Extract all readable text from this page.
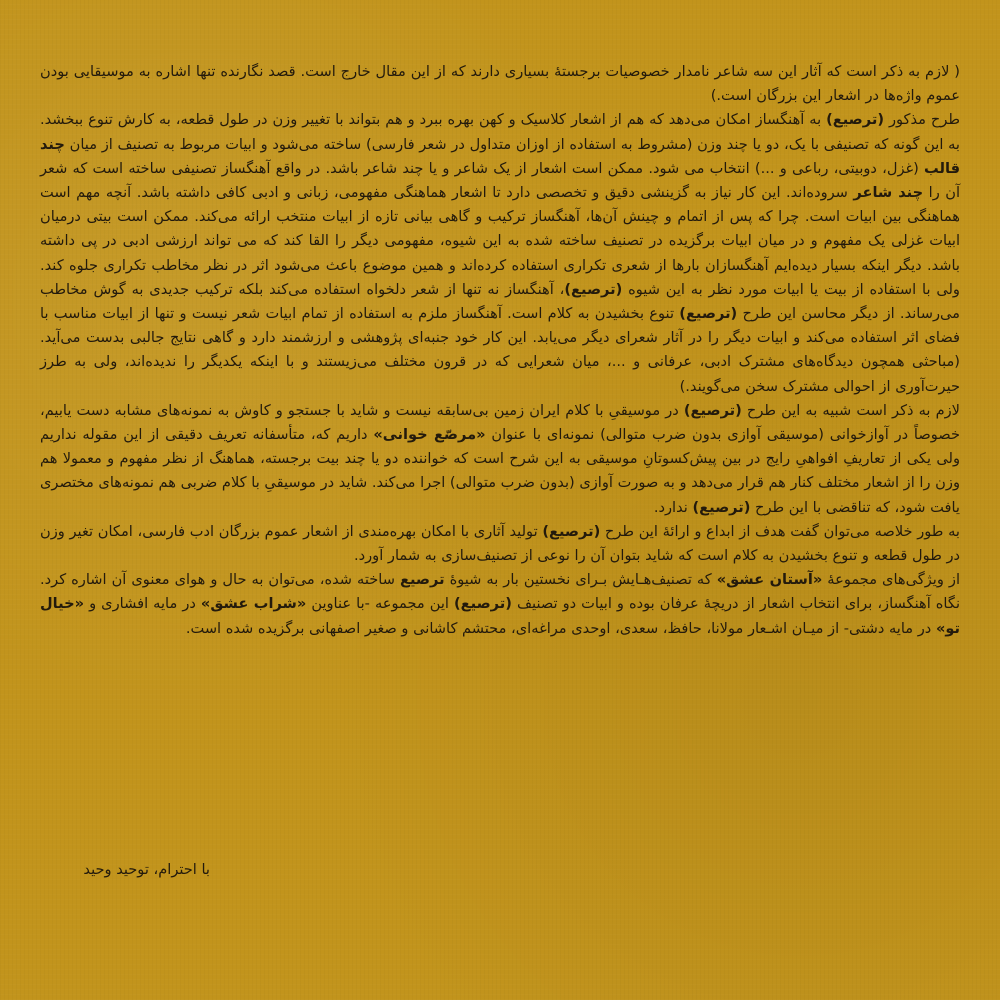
( لازم به ذکر است که آثار این سه شاعر نامدار خصوصیات برجستهٔ بسیاری دارند که از این مقال خارج است. قصد نگارنده تنها اشاره به موسیقایی بودن عموم واژه‌ها در اشعار این بزرگان است.)

طرح مذکور (ترصیع) به آهنگساز امکان می‌دهد که هم از اشعار کلاسیک و کهن بهره ببرد و هم بتواند با تغییر وزن در طول قطعه، به کارش تنوع ببخشد. به این گونه که تصنیفی با یک، دو یا چند وزن (مشروط به استفاده از اوزان متداول در شعر فارسی) ساخته می‌شود و ابیات مربوط به تصنیف از میان چند قالب (غزل، دوبیتی، رباعی و ...) انتخاب می شود. ممکن است اشعار از یک شاعر و یا چند شاعر باشد. در واقع آهنگساز تصنیفی ساخته است که شعر آن را چند شاعر سروده‌اند. این کار نیاز به گزینشی دقیق و تخصصی دارد تا اشعار هماهنگی مفهومی، زبانی و ادبی کافی داشته باشد. آنچه مهم است هماهنگی بین ابیات است. چرا که پس از اتمام و چینش آن‌ها، آهنگساز ترکیب و گاهی بیانی تازه از ابیات منتخب ارائه می‌کند. ممکن است بیتی درمیان ابیات غزلی یک مفهوم و در میان ابیات برگزیده در تصنیف ساخته شده به این شیوه، مفهومی دیگر را القا کند که می تواند ارزشی ادبی در پی داشته باشد. دیگر اینکه بسیار دیده‌ایم آهنگسازان بارها از شعری تکراری استفاده کرده‌اند و همین موضوع باعث می‌شود اثر در نظر مخاطب تکراری جلوه کند. ولی با استفاده از بیت یا ابیات مورد نظر به این شیوه (ترصیع)، آهنگساز نه تنها از شعر دلخواه استفاده می‌کند بلکه ترکیب جدیدی به گوش مخاطب می‌رساند. از دیگر محاسن این طرح (ترصیع) تنوع بخشیدن به کلام است. آهنگساز ملزم به استفاده از تمام ابیات شعر نیست و تنها از ابیات مناسب با فضای اثر استفاده می‌کند و ابیات دیگر را در آثار شعرای دیگر می‌یابد. این کار خود جنبه‌ای پژوهشی و ارزشمند دارد و گاهی نتایج جالبی بدست می‌آید. (مباحثی همچون دیدگاه‌های مشترک ادبی، عرفانی و ...، میان شعرایی که در قرون مختلف می‌زیستند و با اینکه یکدیگر را ندیده‌اند، ولی به طرز حیرت‌آوری از احوالی مشترک سخن می‌گویند.)

لازم به ذکر است شبیه به این طرح (ترصیع) در موسیقیِ با کلام ایران زمین بی‌سابقه نیست و شاید با جستجو و کاوش به نمونه‌های مشابه دست یابیم، خصوصاً در آوازخوانی (موسیقی آوازی بدون ضرب متوالی) نمونه‌ای با عنوان «مرصّع خوانی» داریم که، متأسفانه تعریف دقیقی از این مقوله نداریم ولی یکی از تعاریفِ افواهیِ رایج در بین پیش‌کسوتانِ موسیقی به این شرح است که خواننده دو یا چند بیت برجسته، هماهنگ از نظر مفهوم و معمولا هم وزن را از اشعار مختلف کنار هم قرار می‌دهد و به صورت آوازی (بدون ضرب متوالی) اجرا می‌کند. شاید در موسیقیِ با کلام ضربی هم نمونه‌های مختصری یافت شود، که تناقضی با این طرح (ترصیع) ندارد.

به طور خلاصه می‌توان گفت هدف از ابداع و ارائهٔ این طرح (ترصیع) تولید آثاری با امکان بهره‌مندی از اشعار عموم بزرگان ادب فارسی، امکان تغیر وزن در طول قطعه و تنوع بخشیدن به کلام است که شاید بتوان آن را نوعی از تصنیف‌سازی به شمار آورد.

از ویژگی‌های مجموعهٔ «آستان عشق» که تصنیف‌هـایش بـرای نخستین بار به شیوهٔ ترصیع ساخته شده، می‌توان به حال و هوای معنوی آن اشاره کرد. نگاه آهنگساز، برای انتخاب اشعار از دریچهٔ عرفان بوده و ابیات دو تصنیف (ترصیع) این مجموعه -با عناوین «شراب عشق» در مایه افشاری و «خیال تو» در مایه دشتی- از میـان اشـعار مولانا، حافظ، سعدی، اوحدی مراغه‌ای، محتشم کاشانی و صغیر اصفهانی برگزیده شده است.

با احترام، توحید وحید
